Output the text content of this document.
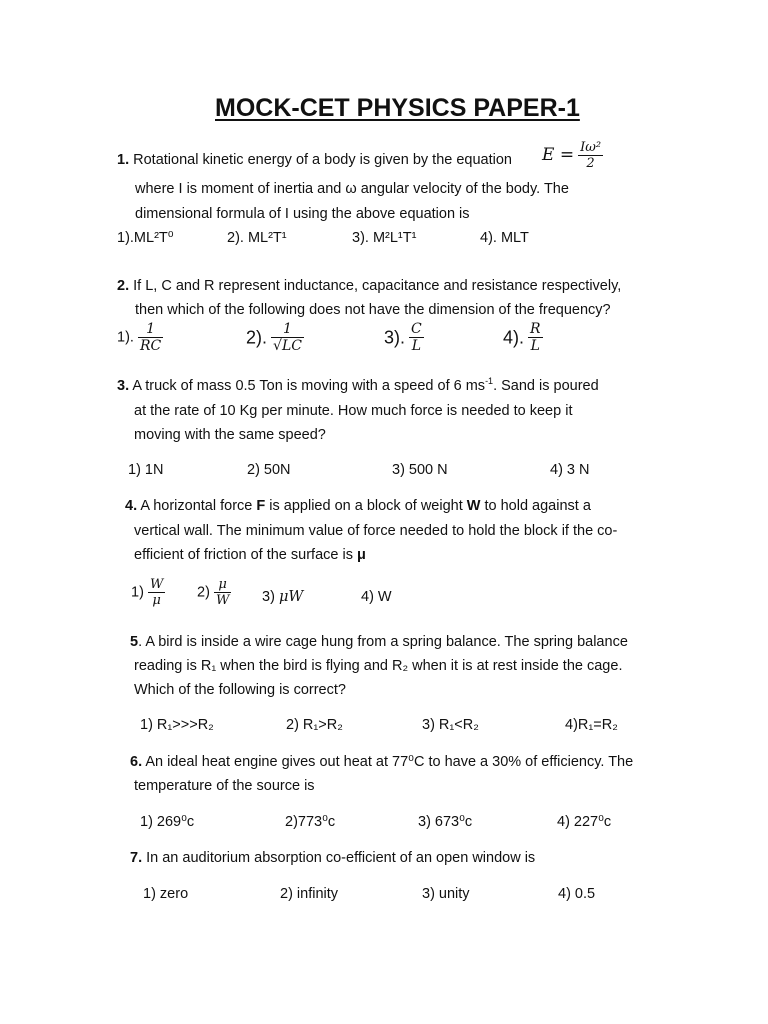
MOCK-CET PHYSICS PAPER-1
1. Rotational kinetic energy of a body is given by the equation $E = \frac{\text{Iω²}}{2}$
where I is moment of inertia and ω angular velocity of the body. The
dimensional formula of I using the above equation is
1).ML²T⁰	2). ML²T¹	3). M²L¹T¹	4). MLT
2. If L, C and R represent inductance, capacitance and resistance respectively,
then which of the following does not have the dimension of the frequency?
1). $\frac{1}{RC}$	2). $\frac{1}{√LC}$	3). $\frac{C}{L}$	4). $\frac{R}{L}$
3. A truck of mass 0.5 Ton is moving with a speed of 6 $ms^{-1}$. Sand is poured
at the rate of 10 Kg per minute. How much force is needed to keep it
moving with the same speed?
1) 1N	2) 50N	3) 500 N	4) 3 N
4. A horizontal force F is applied on a block of weight W to hold against a
vertical wall. The minimum value of force needed to hold the block if the co-
efficient of friction of the surface is μ
$1) \frac{W}{\mu} 2) \frac{\mu}{W} 3$) μW	4) W
5. A bird is inside a wire cage hung from a spring balance. The spring balance
reading is R₁ when the bird is flying and R₂ when it is at rest inside the cage.
Which of the following is correct?
1) R₁>>>R₂	2) R₁>R₂	3) R₁<R₂	4)R₁=R₂
6. An ideal heat engine gives out heat at 77⁰C to have a 30% of efficiency. The
temperature of the source is
1) 269⁰c	2)773⁰c	3) 673⁰c	4) 227⁰c
7. In an auditorium absorption co-efficient of an open window is
1) zero	2) infinity	3) unity	4) 0.5
